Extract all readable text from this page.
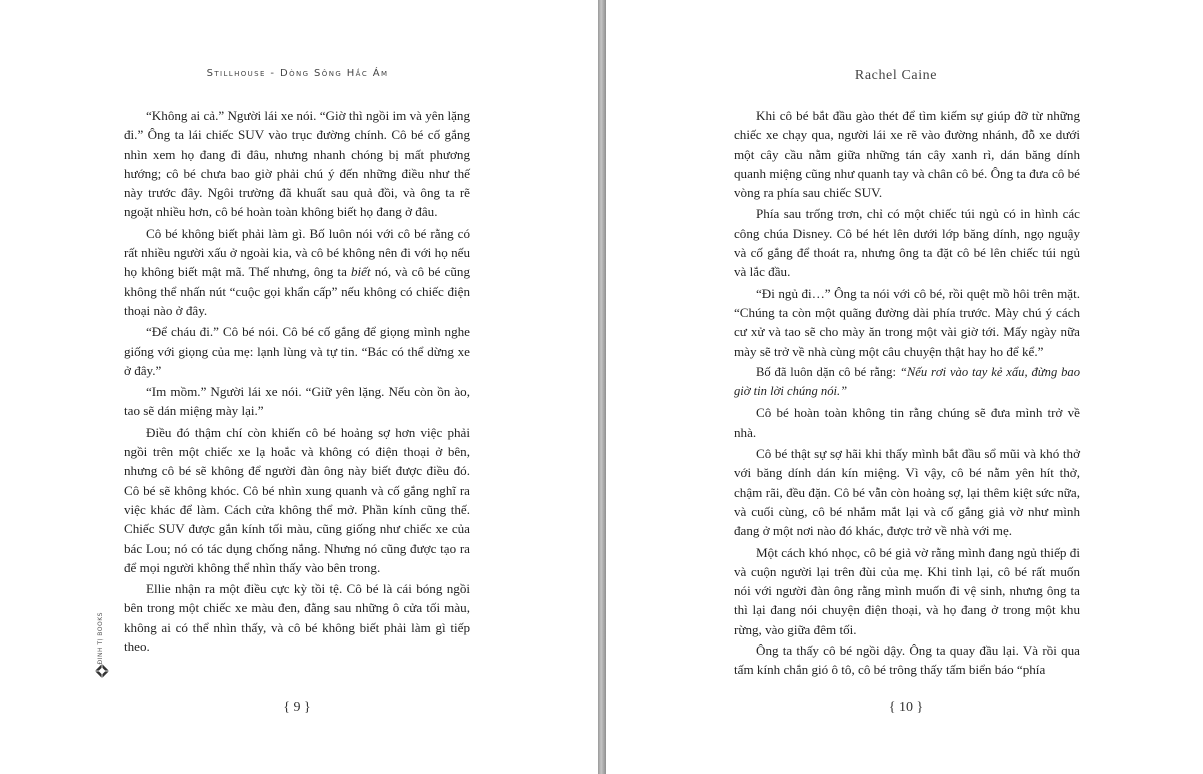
Stillhouse - Dòng Sông Hắc Ám

“Không ai cả.” Người lái xe nói. “Giờ thì ngồi im và yên lặng đi.” Ông ta lái chiếc SUV vào trục đường chính. Cô bé cố gắng nhìn xem họ đang đi đâu, nhưng nhanh chóng bị mất phương hướng; cô bé chưa bao giờ phải chú ý đến những điều như thế này trước đây. Ngôi trường đã khuất sau quả đồi, và ông ta rẽ ngoặt nhiều hơn, cô bé hoàn toàn không biết họ đang ở đâu.

Cô bé không biết phải làm gì. Bố luôn nói với cô bé rằng có rất nhiều người xấu ở ngoài kia, và cô bé không nên đi với họ nếu họ không biết mật mã. Thế nhưng, ông ta biết nó, và cô bé cũng không thể nhấn nút “cuộc gọi khẩn cấp” nếu không có chiếc điện thoại nào ở đây.

“Để cháu đi.” Cô bé nói. Cô bé cố gắng để giọng mình nghe giống với giọng của mẹ: lạnh lùng và tự tin. “Bác có thể dừng xe ở đây.”

“Im mồm.” Người lái xe nói. “Giữ yên lặng. Nếu còn ồn ào, tao sẽ dán miệng mày lại.”

Điều đó thậm chí còn khiến cô bé hoảng sợ hơn việc phải ngồi trên một chiếc xe lạ hoắc và không có điện thoại ở bên, nhưng cô bé sẽ không để người đàn ông này biết được điều đó. Cô bé sẽ không khóc. Cô bé nhìn xung quanh và cố gắng nghĩ ra việc khác để làm. Cách cửa không thể mở. Phần kính cũng thế. Chiếc SUV được gắn kính tối màu, cũng giống như chiếc xe của bác Lou; nó có tác dụng chống nắng. Nhưng nó cũng được tạo ra để mọi người không thể nhìn thấy vào bên trong.

Ellie nhận ra một điều cực kỳ tồi tệ. Cô bé là cái bóng ngồi bên trong một chiếc xe màu đen, đằng sau những ô cửa tối màu, không ai có thể nhìn thấy, và cô bé không biết phải làm gì tiếp theo.

ĐINH TỊ BOOKS
{ 9 }
Rachel Caine

Khi cô bé bắt đầu gào thét để tìm kiếm sự giúp đỡ từ những chiếc xe chạy qua, người lái xe rẽ vào đường nhánh, đỗ xe dưới một cây cầu nằm giữa những tán cây xanh rì, dán băng dính quanh miệng cũng như quanh tay và chân cô bé. Ông ta đưa cô bé vòng ra phía sau chiếc SUV.

Phía sau trống trơn, chỉ có một chiếc túi ngủ có in hình các công chúa Disney. Cô bé hét lên dưới lớp băng dính, ngọ nguậy và cố gắng để thoát ra, nhưng ông ta đặt cô bé lên chiếc túi ngủ và lắc đầu.

“Đi ngủ đi…” Ông ta nói với cô bé, rồi quệt mồ hôi trên mặt. “Chúng ta còn một quãng đường dài phía trước. Mày chú ý cách cư xử và tao sẽ cho mày ăn trong một vài giờ tới. Mấy ngày nữa mày sẽ trở về nhà cùng một câu chuyện thật hay ho để kể.”

Bố đã luôn dặn cô bé rằng: “Nếu rơi vào tay kẻ xấu, đừng bao giờ tin lời chúng nói.”

Cô bé hoàn toàn không tin rằng chúng sẽ đưa mình trở về nhà.

Cô bé thật sự sợ hãi khi thấy mình bắt đầu sổ mũi và khó thở với băng dính dán kín miệng. Vì vậy, cô bé nằm yên hít thở, chậm rãi, đều đặn. Cô bé vẫn còn hoảng sợ, lại thêm kiệt sức nữa, và cuối cùng, cô bé nhắm mắt lại và cố gắng giả vờ như mình đang ở một nơi nào đó khác, được trở về nhà với mẹ.

Một cách khó nhọc, cô bé giả vờ rằng mình đang ngủ thiếp đi và cuộn người lại trên đùi của mẹ. Khi tỉnh lại, cô bé rất muốn nói với người đàn ông rằng mình muốn đi vệ sinh, nhưng ông ta thì lại đang nói chuyện điện thoại, và họ đang ở trong một khu rừng, vào giữa đêm tối.

Ông ta thấy cô bé ngồi dậy. Ông ta quay đầu lại. Và rồi qua tấm kính chắn gió ô tô, cô bé trông thấy tấm biển báo “phía

{ 10 }
